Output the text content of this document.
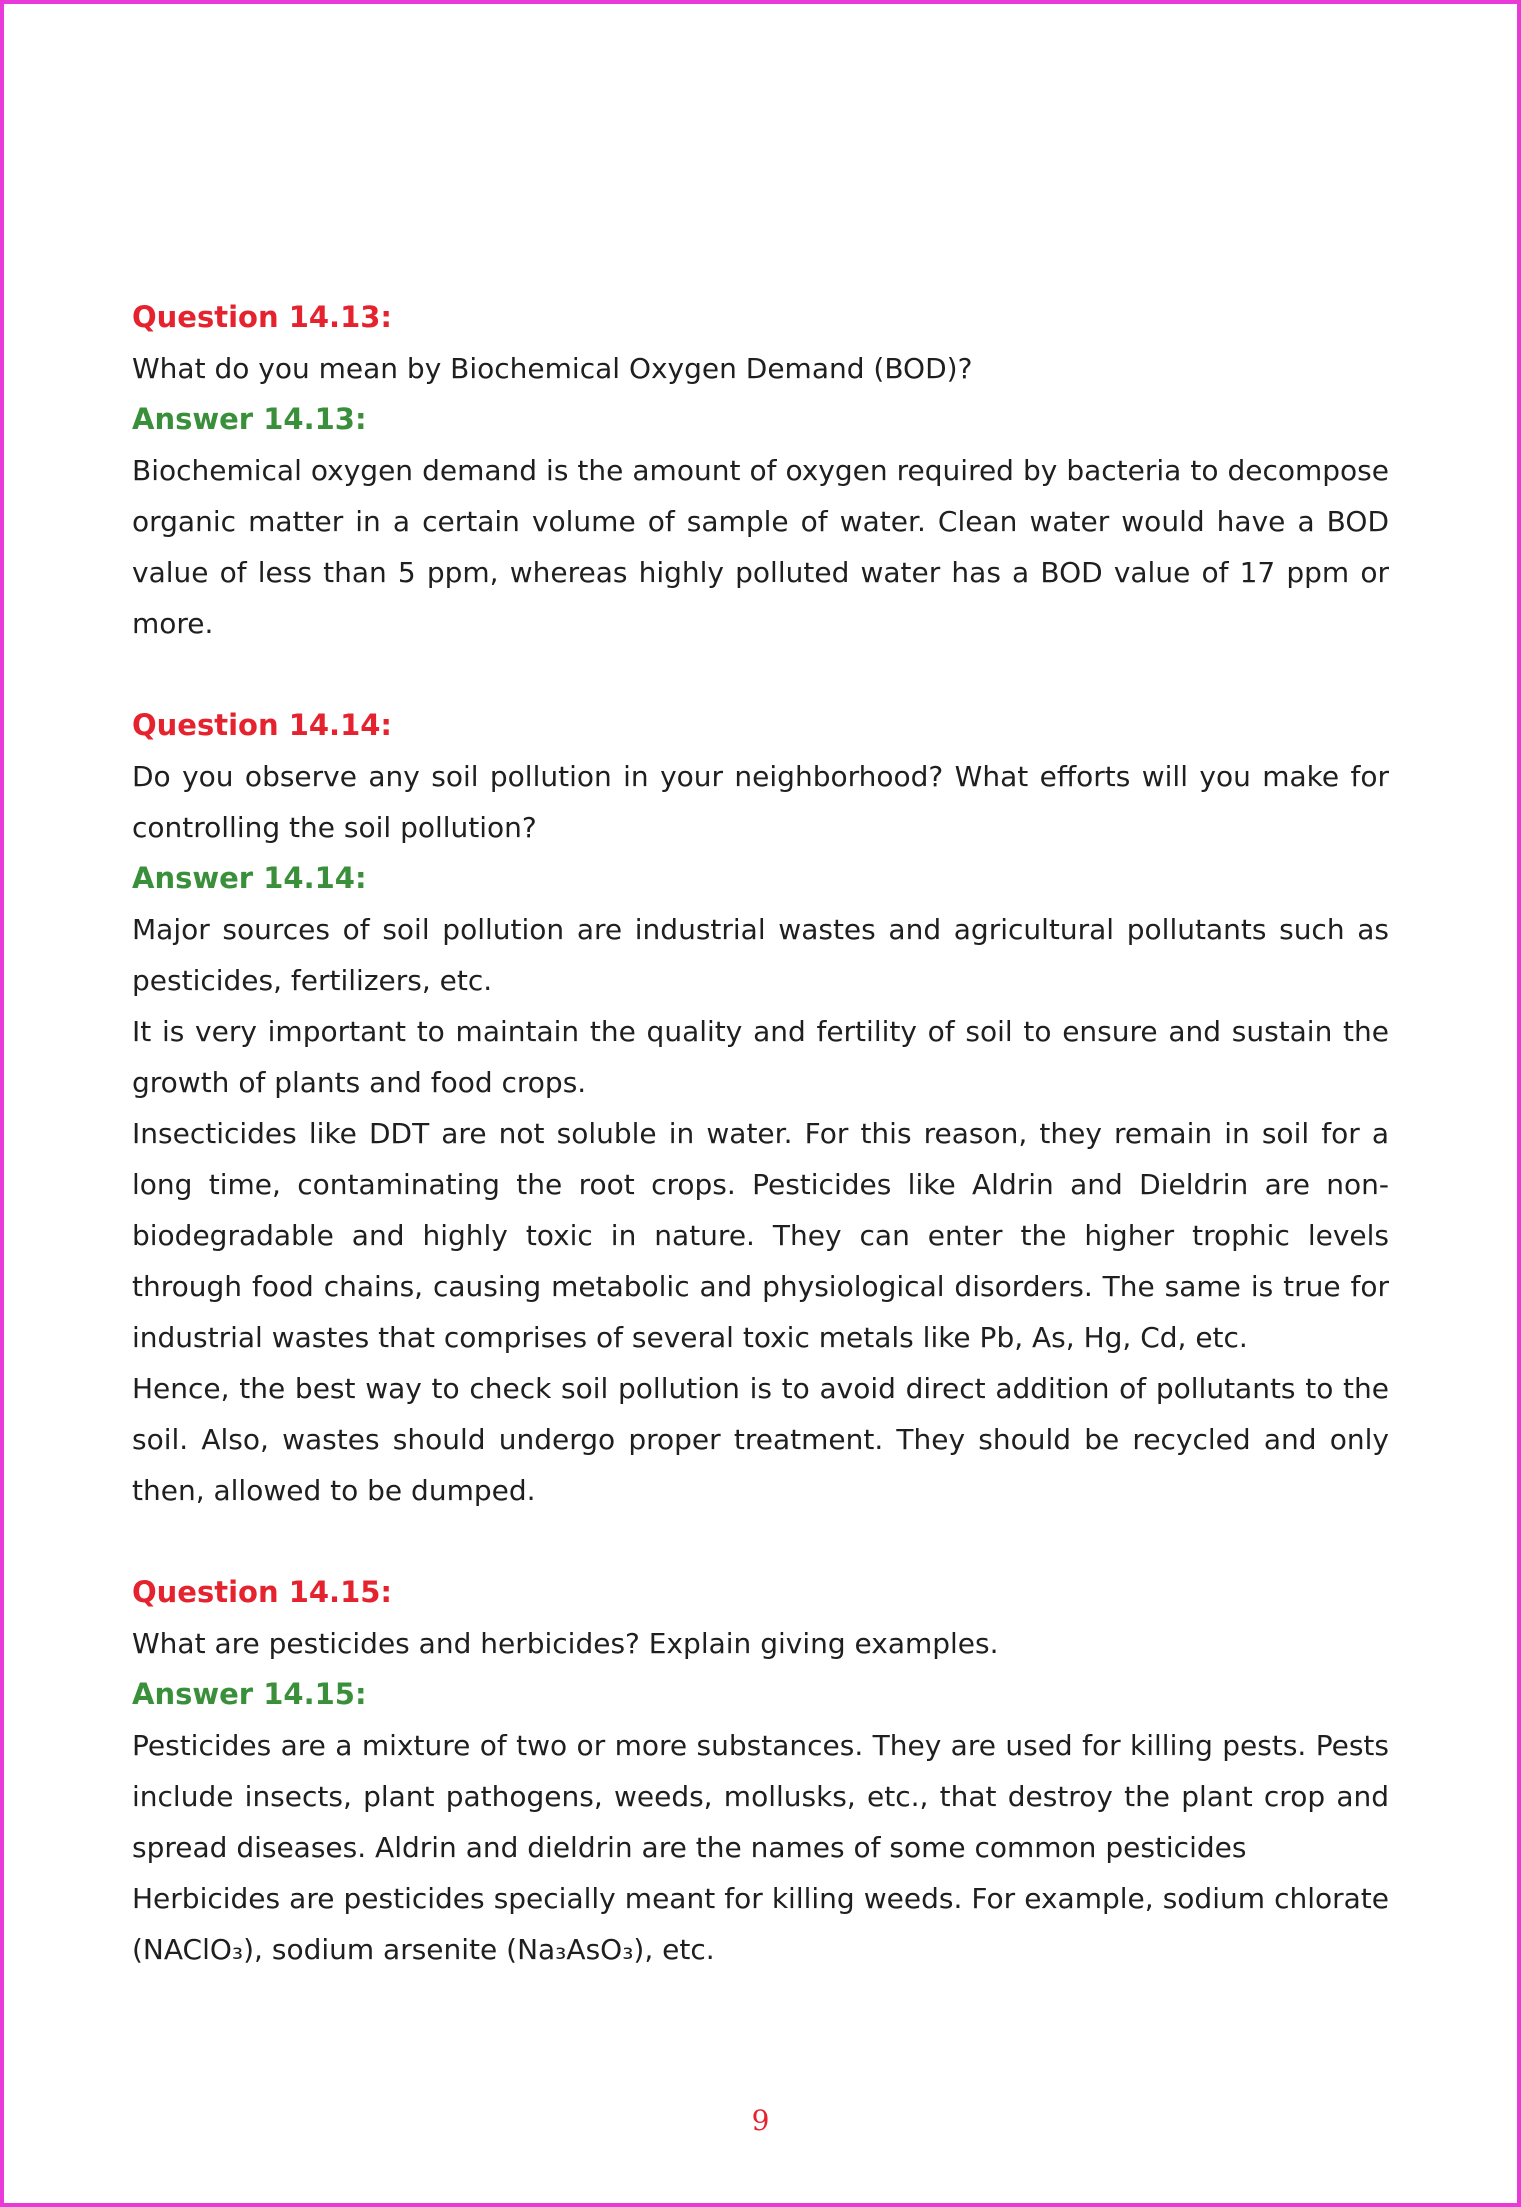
Question 14.13:

What do you mean by Biochemical Oxygen Demand (BOD)?

Answer 14.13:

Biochemical oxygen demand is the amount of oxygen required by bacteria to decompose organic matter in a certain volume of sample of water. Clean water would have a BOD value of less than 5 ppm, whereas highly polluted water has a BOD value of 17 ppm or more.

Question 14.14:

Do you observe any soil pollution in your neighborhood? What efforts will you make for controlling the soil pollution?

Answer 14.14:

Major sources of soil pollution are industrial wastes and agricultural pollutants such as pesticides, fertilizers, etc.

It is very important to maintain the quality and fertility of soil to ensure and sustain the growth of plants and food crops.

Insecticides like DDT are not soluble in water. For this reason, they remain in soil for a long time, contaminating the root crops. Pesticides like Aldrin and Dieldrin are non-biodegradable and highly toxic in nature. They can enter the higher trophic levels through food chains, causing metabolic and physiological disorders. The same is true for industrial wastes that comprises of several toxic metals like Pb, As, Hg, Cd, etc.

Hence, the best way to check soil pollution is to avoid direct addition of pollutants to the soil. Also, wastes should undergo proper treatment. They should be recycled and only then, allowed to be dumped.

Question 14.15:

What are pesticides and herbicides? Explain giving examples.

Answer 14.15:

Pesticides are a mixture of two or more substances. They are used for killing pests. Pests include insects, plant pathogens, weeds, mollusks, etc., that destroy the plant crop and spread diseases. Aldrin and dieldrin are the names of some common pesticides

Herbicides are pesticides specially meant for killing weeds. For example, sodium chlorate (NAClO₃), sodium arsenite (Na₃AsO₃), etc.

9
